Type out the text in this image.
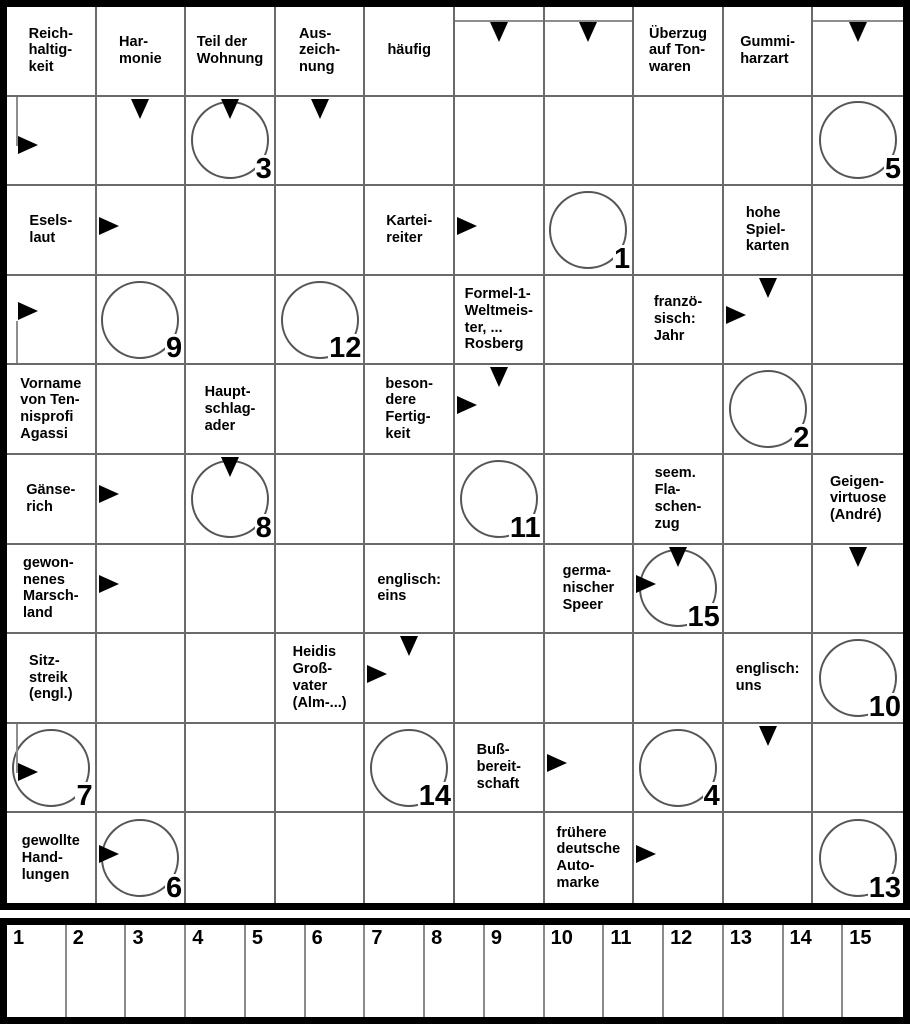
Reich-
haltig-
keit
Har-
monie
Teil der
Wohnung
Aus-
zeich-
nung
häufig
Überzug
auf Ton-
waren
Gummi-
harzart
3	5
Esels-
laut
Kartei-
reiter
1
hohe
Spiel-
karten
9	12
Formel-1-
Weltmeis-
ter, ...
Rosberg
franzö-
sisch:
Jahr
Vorname
von Ten-
nisprofi
Agassi
Haupt-
schlag-
ader
beson-
dere
Fertig-
keit	2
Gänse-
rich
8	11
seem.
Fla-
schen-
zug
Geigen-
virtuose
(André)
gewon-
nenes
Marsch-
land
englisch:
eins
germa-
nischer
Speer	15
Sitz-
streik
(engl.)
Heidis
Groß-
vater
(Alm-...)
englisch:
uns
10
7	14
Buß-
bereit-
schaft	4
gewollte
Hand-
lungen	6
frühere
deutsche
Auto-
marke	13
1 2 3 4 5 6 7 8 9 10 11 12 13 14 15
